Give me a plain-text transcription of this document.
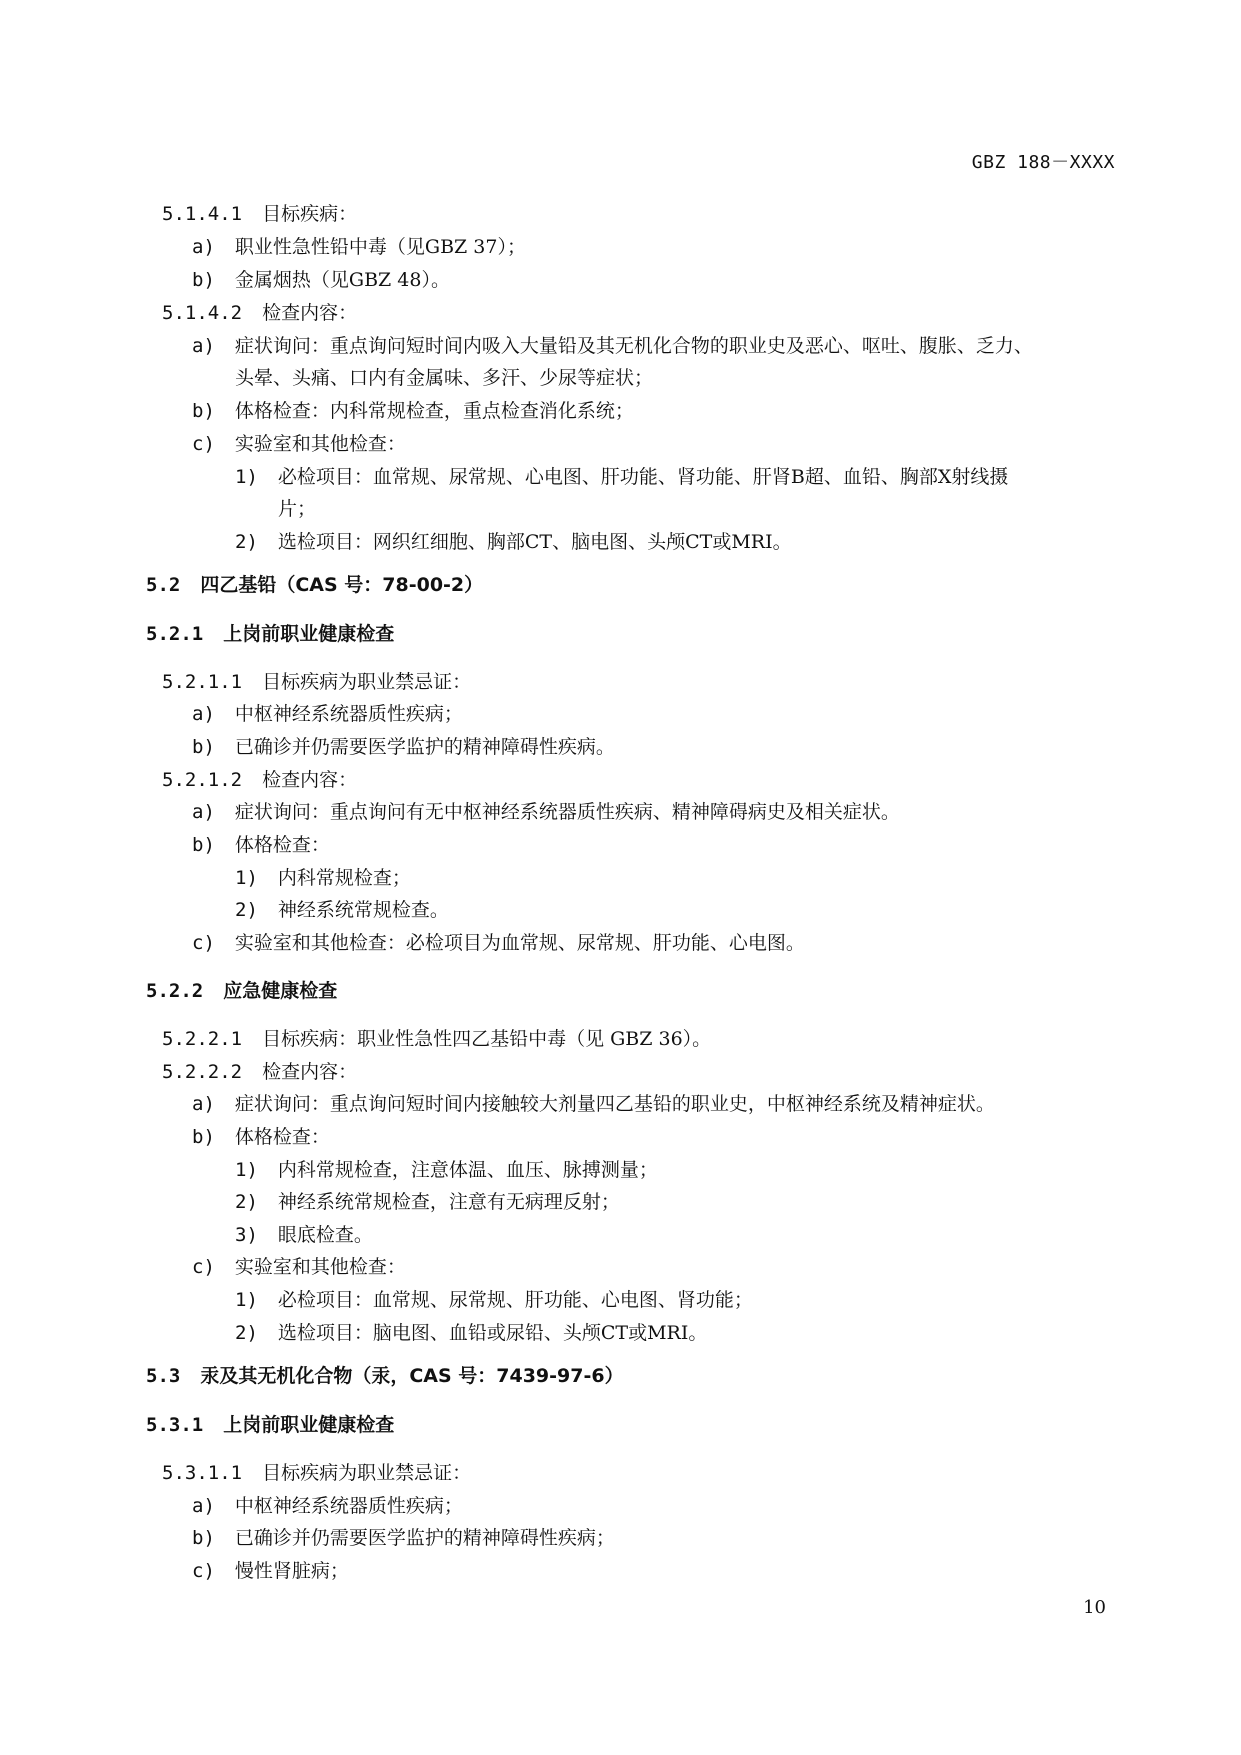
GBZ 188－XXXX
5.1.4.1 目标疾病：
a) 职业性急性铅中毒（见GBZ 37）；
b) 金属烟热（见GBZ 48）。
5.1.4.2 检查内容：
a) 症状询问：重点询问短时间内吸入大量铅及其无机化合物的职业史及恶心、呕吐、腹胀、乏力、
头晕、头痛、口内有金属味、多汗、少尿等症状；
b) 体格检查：内科常规检查，重点检查消化系统；
c) 实验室和其他检查：
1) 必检项目：血常规、尿常规、心电图、肝功能、肾功能、肝肾B超、血铅、胸部X射线摄
片；
2) 选检项目：网织红细胞、胸部CT、脑电图、头颅CT或MRI。
5.2 四乙基铅（CAS 号：78-00-2）
5.2.1 上岗前职业健康检查
5.2.1.1 目标疾病为职业禁忌证：
a) 中枢神经系统器质性疾病；
b) 已确诊并仍需要医学监护的精神障碍性疾病。
5.2.1.2 检查内容：
a) 症状询问：重点询问有无中枢神经系统器质性疾病、精神障碍病史及相关症状。
b) 体格检查：
1) 内科常规检查；
2) 神经系统常规检查。
c) 实验室和其他检查：必检项目为血常规、尿常规、肝功能、心电图。
5.2.2 应急健康检查
5.2.2.1 目标疾病：职业性急性四乙基铅中毒（见 GBZ 36）。
5.2.2.2 检查内容：
a) 症状询问：重点询问短时间内接触较大剂量四乙基铅的职业史，中枢神经系统及精神症状。
b) 体格检查：
1) 内科常规检查，注意体温、血压、脉搏测量；
2) 神经系统常规检查，注意有无病理反射；
3) 眼底检查。
c) 实验室和其他检查：
1) 必检项目：血常规、尿常规、肝功能、心电图、肾功能；
2) 选检项目：脑电图、血铅或尿铅、头颅CT或MRI。
5.3 汞及其无机化合物（汞，CAS 号：7439-97-6）
5.3.1 上岗前职业健康检查
5.3.1.1 目标疾病为职业禁忌证：
a) 中枢神经系统器质性疾病；
b) 已确诊并仍需要医学监护的精神障碍性疾病；
c) 慢性肾脏病；
10
